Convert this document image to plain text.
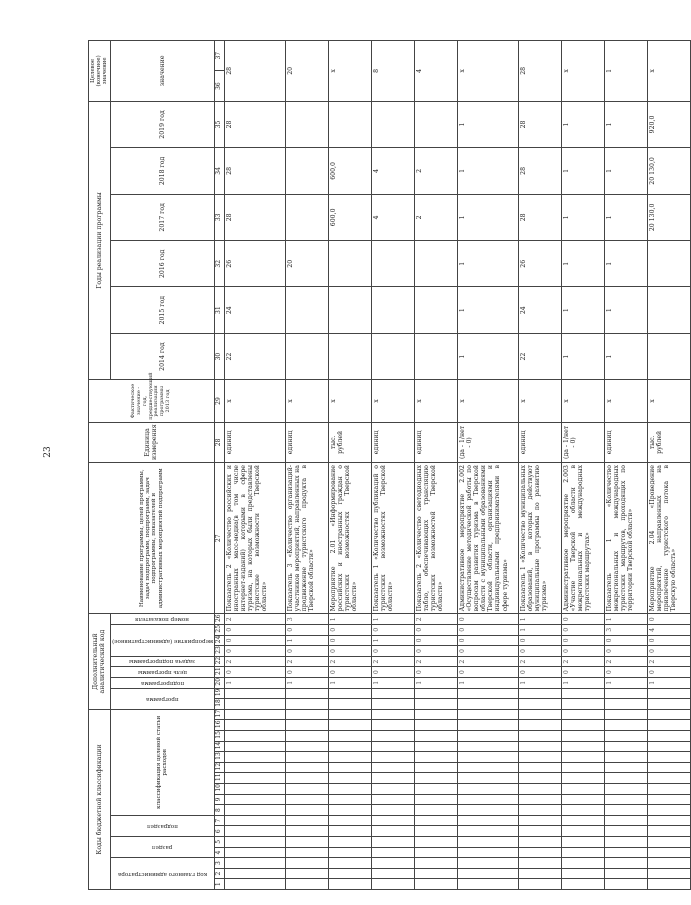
23
Коды бюджетной классификации																	Дополнительный аналитический код									Наименование программы, целей программы, задач подпрограмм, подпрограмм, задач подпрограммы, показателей и административных мероприятий подпрограмм	Единица измерения	Фактическое значение - год, предшествующий реализации программы 2013 год	Годы реализации программы						Целевое (конечное) значение	

код главного администратора			раздел		подраздел		классификация целевой статьи расходов										программа		подпрограмма	цель программы	задача подпрограммы	мероприятие (административное)			номер показателя				2014 год	2015 год	2016 год	2017 год	2018 год	2019 год	значение	
1	2	3	4	5	6	7	8	9	10	11	12	13	14	15	16	17	18	19	20	21	22	23	24	25	26	27	28	29	30	31	32	33	34	35	36	37
																			1	0	2	0	0	0	2	Показатель 2 «Количество российских и иностранных масс-медиа(в том числе интернет-изданий) которыми в сфере туризма, на которых были представлены туристские возможности Тверской области»	единиц	х	22	24	26	28	28	28	28	
																			1	0	2	0	1	0	3	Показатель 3 «Количество организаций-участников мероприятий, направленных на продвижение туристского продукта в Тверской области»	единиц	х			20				20	
																			1	0	2	0	0	0	1	Мероприятие 2.01 «Информирование российских и иностранных граждан о туристских возможностях Тверской области»	тыс. рублей	х				600,0	600,0		х	
																			1	0	2	0	1	0	1	Показатель 1 «Количество публикаций о туристских возможностях Тверской области»	единиц	х				4	4		8	
																			1	0	2	0	0	0	2	Показатель 2 «Количество светодиодных табло, обеспечивающих трансляцию туристских возможностей Тверской области»	единиц	х				2	2		4	
																			1	0	2	0	0	0	0	Административное мероприятие 2.002 «Осуществление методической работы по вопросам развития туризма в Тверской области с муниципальными образованиями Тверской области, организациями и индивидуальными предпринимателями в сфере туризма»	(да - 1/нет - 0)	х	1	1	1	1	1	1	х	
																			1	0	2	0	0	1	1	Показатель 1 «Количество муниципальных образований, в которых действуют муниципальные программы по развитию туризма»	единиц	х	22	24	26	28	28	28	28	
																			1	0	2	0	0	0	0	Административное мероприятие 2.003 «Участие Тверской области в межрегиональных и международных туристских маршрутах»	(да - 1/нет - 0)	х	1	1	1	1	1	1	х	
																			1	0	2	0	0	3	1	Показатель 1 «Количество межрегиональных и международных туристских маршрутов, проходящих по территории Тверской области»	единиц	х	1	1	1	1	1	1	1	
																			1	0	2	0	0	4	0	Мероприятие 2.04 «Проведение мероприятий, направленных на привлечение туристского потока в Тверскую область»	тыс. рублей	х				20 130,0	20 130,0	920,0	х	
